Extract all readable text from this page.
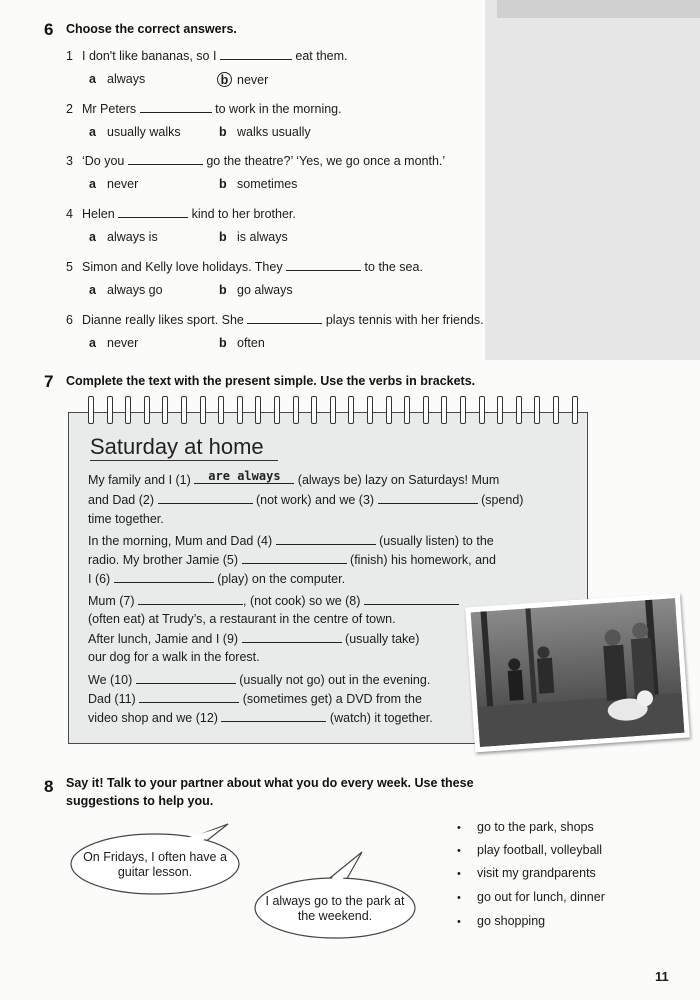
6 Choose the correct answers.
1 I don't like bananas, so I	eat them.
a always	b never
2 Mr Peters	to work in the morning.
a usually walks	b walks usually
3 ‘Do you	go the theatre?’ ‘Yes, we go once a month.’
a never	b sometimes
4 Helen	kind to her brother.
a always is	b is always
5 Simon and Kelly love holidays. They	to the sea.
a always go	b go always
6 Dianne really likes sport. She	plays tennis with her friends.
a never	b often
7 Complete the text with the present simple. Use the verbs in brackets.
Saturday at home
My family and I (1) are always (always be) lazy on Saturdays! Mum
and Dad (2)	(not work) and we (3)	(spend)
time together.
In the morning, Mum and Dad (4)	(usually listen) to the
radio. My brother Jamie (5)	(finish) his homework, and
I (6)	(play) on the computer.
Mum (7)	, (not cook) so we (8)
(often eat) at Trudy’s, a restaurant in the centre of town.
After lunch, Jamie and I (9)	(usually take)
our dog for a walk in the forest.
We (10)	(usually not go) out in the evening.
Dad (11)	(sometimes get) a DVD from the
video shop and we (12)	(watch) it together.
8 Say it! Talk to your partner about what you do every week. Use these
suggestions to help you.
On Fridays, I often have a guitar lesson.
I always go to the park at the weekend.
• go to the park, shops
• play football, volleyball
• visit my grandparents
• go out for lunch, dinner
• go shopping
11
